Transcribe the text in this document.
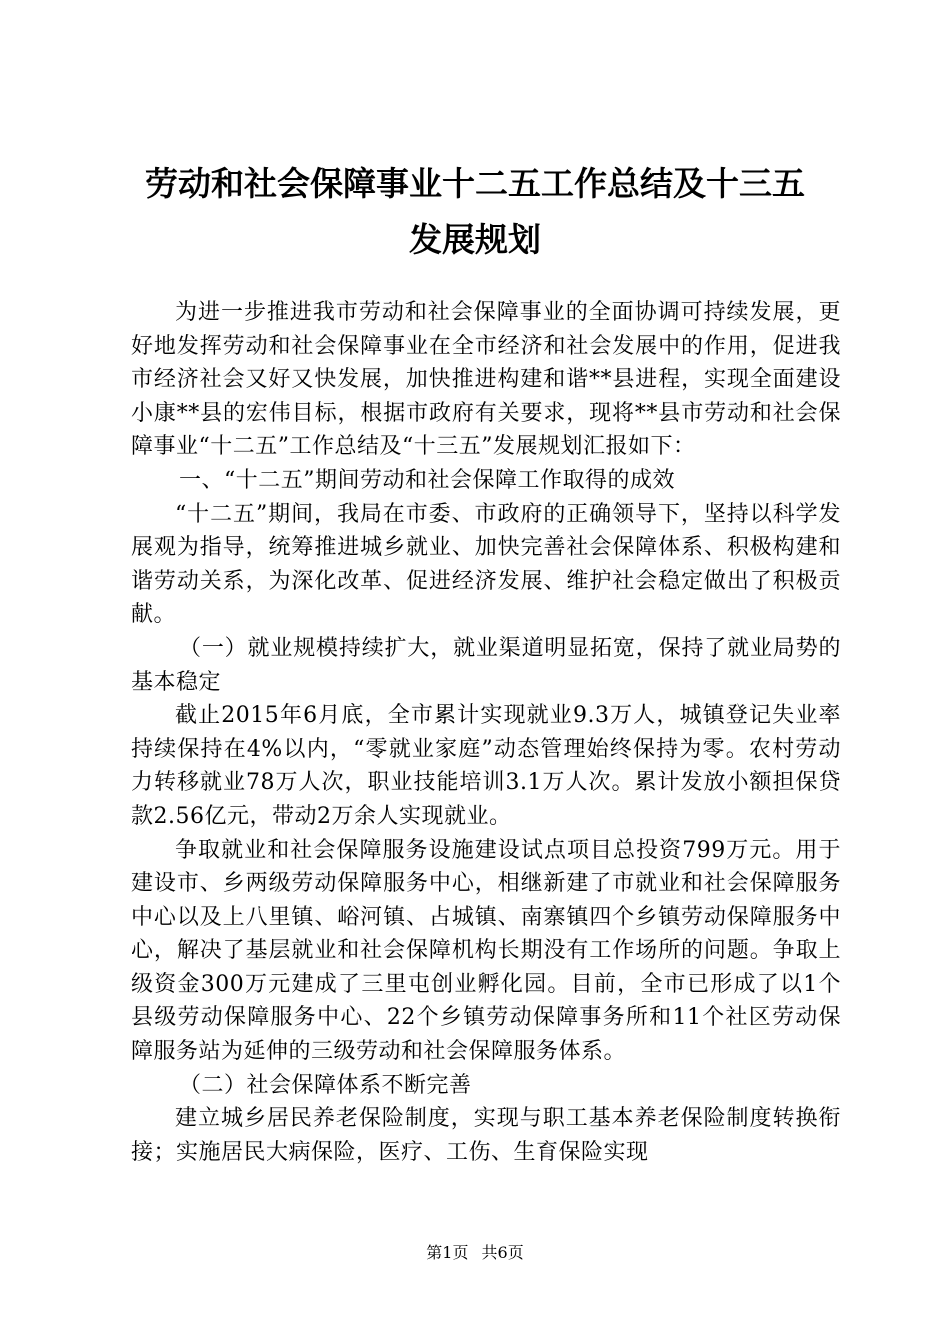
劳动和社会保障事业十二五工作总结及十三五
发展规划

为进一步推进我市劳动和社会保障事业的全面协调可持续发展，更好地发挥劳动和社会保障事业在全市经济和社会发展中的作用，促进我市经济社会又好又快发展，加快推进构建和谐**县进程，实现全面建设小康**县的宏伟目标，根据市政府有关要求，现将**县市劳动和社会保障事业“十二五”工作总结及“十三五”发展规划汇报如下：

一、“十二五”期间劳动和社会保障工作取得的成效

“十二五”期间，我局在市委、市政府的正确领导下，坚持以科学发展观为指导，统筹推进城乡就业、加快完善社会保障体系、积极构建和谐劳动关系，为深化改革、促进经济发展、维护社会稳定做出了积极贡献。

（一）就业规模持续扩大，就业渠道明显拓宽，保持了就业局势的基本稳定

截止2015年6月底，全市累计实现就业9.3万人，城镇登记失业率持续保持在4%以内，“零就业家庭”动态管理始终保持为零。农村劳动力转移就业78万人次，职业技能培训3.1万人次。累计发放小额担保贷款2.56亿元，带动2万余人实现就业。

争取就业和社会保障服务设施建设试点项目总投资799万元。用于建设市、乡两级劳动保障服务中心，相继新建了市就业和社会保障服务中心以及上八里镇、峪河镇、占城镇、南寨镇四个乡镇劳动保障服务中心，解决了基层就业和社会保障机构长期没有工作场所的问题。争取上级资金300万元建成了三里屯创业孵化园。目前，全市已形成了以1个县级劳动保障服务中心、22个乡镇劳动保障事务所和11个社区劳动保障服务站为延伸的三级劳动和社会保障服务体系。

（二）社会保障体系不断完善

建立城乡居民养老保险制度，实现与职工基本养老保险制度转换衔接；实施居民大病保险，医疗、工伤、生育保险实现

第1页 共6页
